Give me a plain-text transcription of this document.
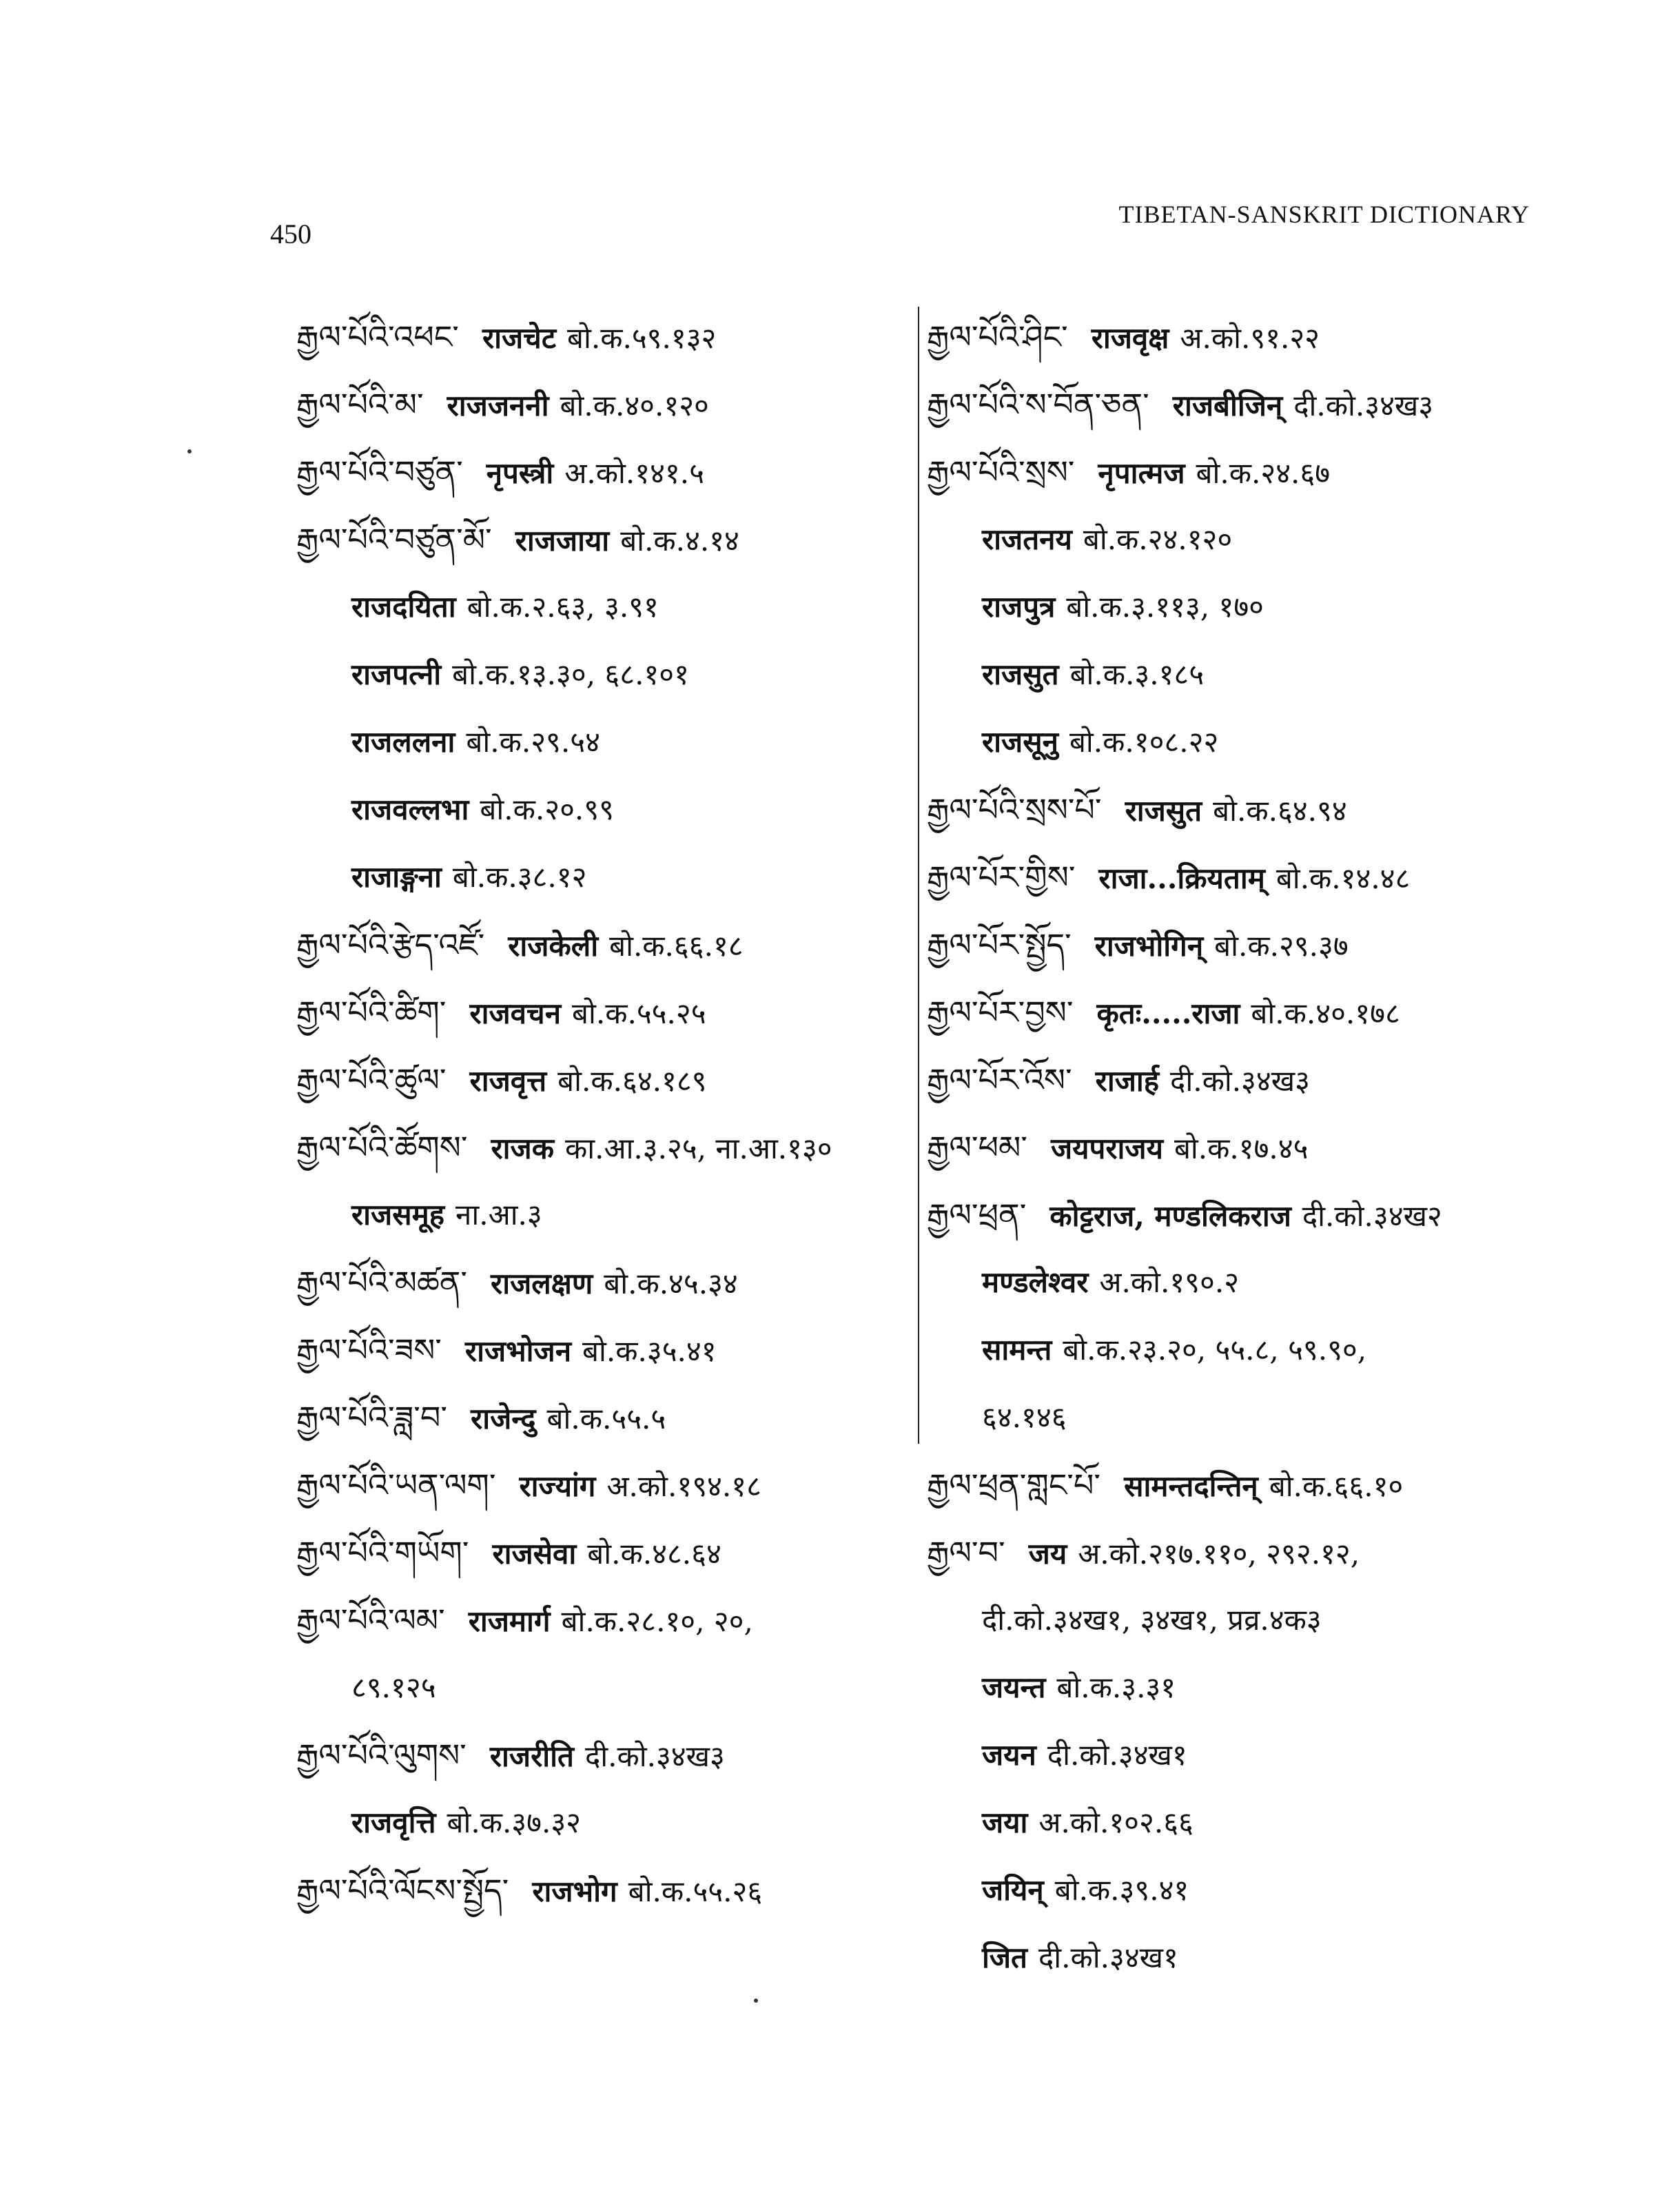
450
TIBETAN-SANSKRIT DICTIONARY
རྒྱལ་པོའི་འཕང་ राजचेट बो.क.५९.१३२
རྒྱལ་པོའི་མ་ राजजननी बो.क.४०.१२०
རྒྱལ་པོའི་བཙུན་ नृपस्त्री अ.को.१४१.५
རྒྱལ་པོའི་བཙུན་མོ་ राजजाया बो.क.४.१४
राजदयिता बो.क.२.६३, ३.९१
राजपत्नी बो.क.१३.३०, ६८.१०१
राजललना बो.क.२९.५४
राजवल्लभा बो.क.२०.९९
राजाङ्गना बो.क.३८.१२
རྒྱལ་པོའི་རྩེད་འཛོ་ राजकेली बो.क.६६.१८
རྒྱལ་པོའི་ཚིག་ राजवचन बो.क.५५.२५
རྒྱལ་པོའི་ཚུལ་ राजवृत्त बो.क.६४.१८९
རྒྱལ་པོའི་ཚོགས་ राजक का.आ.३.२५, ना.आ.१३०
राजसमूह ना.आ.३
རྒྱལ་པོའི་མཚན་ राजलक्षण बो.क.४५.३४
རྒྱལ་པོའི་ཟས་ राजभोजन बो.क.३५.४१
རྒྱལ་པོའི་ཟླ་བ་ राजेन्दु बो.क.५५.५
རྒྱལ་པོའི་ཡན་ལག་ राज्यांग अ.को.१९४.१८
རྒྱལ་པོའི་གཡོག་ राजसेवा बो.क.४८.६४
རྒྱལ་པོའི་ལམ་ राजमार्ग बो.क.२८.१०, २०,
८९.१२५
རྒྱལ་པོའི་ལུགས་ राजरीति दी.को.३४ख३
राजवृत्ति बो.क.३७.३२
རྒྱལ་པོའི་ལོངས་སྤྱོད་ राजभोग बो.क.५५.२६
རྒྱལ་པོའི་ཤིང་ राजवृक्ष अ.को.९१.२२
རྒྱལ་པོའི་ས་བོན་ཅན་ राजबीजिन् दी.को.३४ख३
རྒྱལ་པོའི་སྲས་ नृपात्मज बो.क.२४.६७
राजतनय बो.क.२४.१२०
राजपुत्र बो.क.३.११३, १७०
राजसुत बो.क.३.१८५
राजसूनु बो.क.१०८.२२
རྒྱལ་པོའི་སྲས་པོ་ राजसुत बो.क.६४.९४
རྒྱལ་པོར་གྱིས་ राजा...क्रियताम् बो.क.१४.४८
རྒྱལ་པོར་སྤྱོད་ राजभोगिन् बो.क.२९.३७
རྒྱལ་པོར་བྱས་ कृतः.....राजा बो.क.४०.१७८
རྒྱལ་པོར་འོས་ राजार्ह दी.को.३४ख३
རྒྱལ་ཕམ་ जयपराजय बो.क.१७.४५
རྒྱལ་ཕྲན་ कोट्टराज, मण्डलिकराज दी.को.३४ख२
मण्डलेश्वर अ.को.१९०.२
सामन्त बो.क.२३.२०, ५५.८, ५९.९०,
६४.१४६
རྒྱལ་ཕྲན་གླང་པོ་ सामन्तदन्तिन् बो.क.६६.१०
རྒྱལ་བ་ जय अ.को.२१७.११०, २९२.१२,
दी.को.३४ख१, ३४ख१, प्रव्र.४क३
जयन्त बो.क.३.३१
जयन दी.को.३४ख१
जया अ.को.१०२.६६
जयिन् बो.क.३९.४१
जित दी.को.३४ख१
